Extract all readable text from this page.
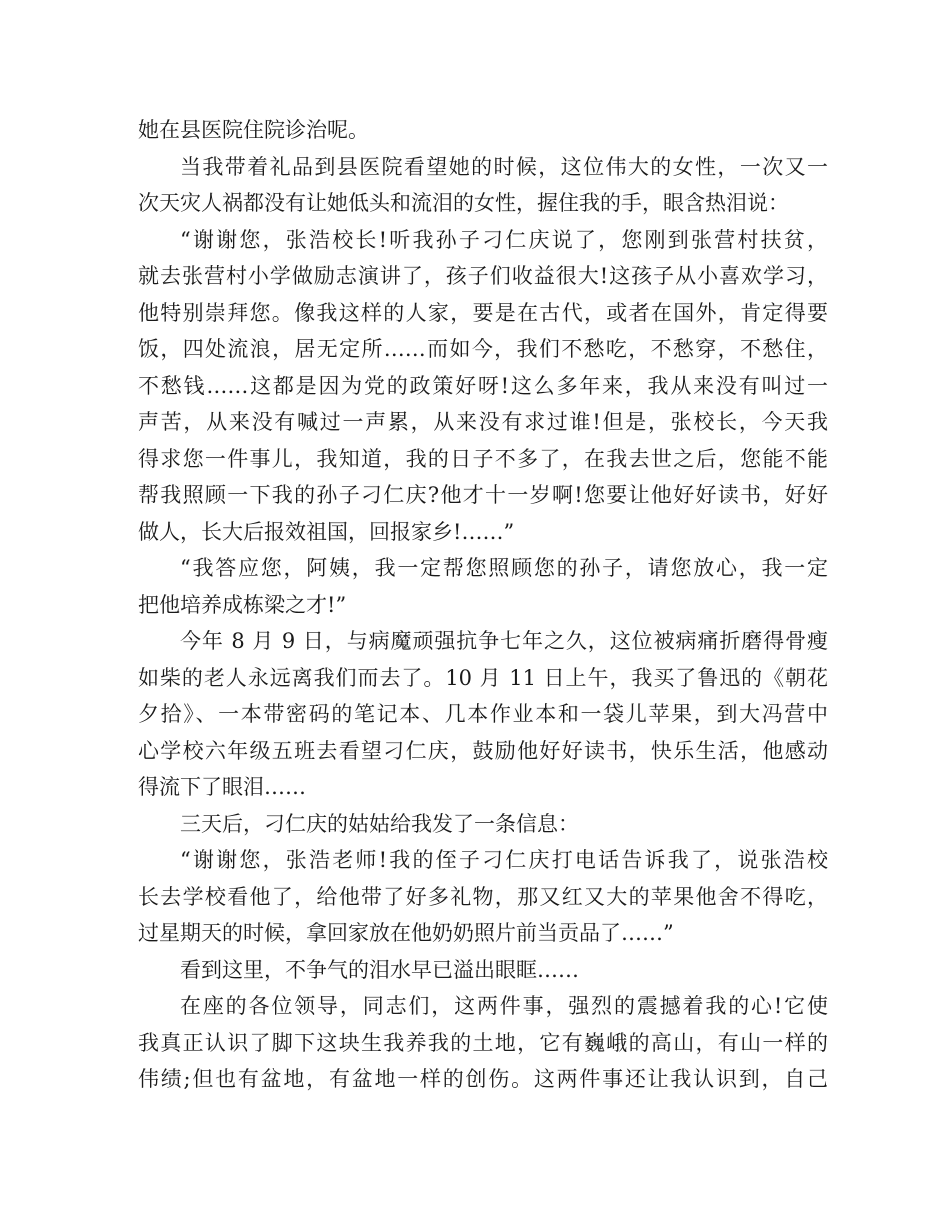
她在县医院住院诊治呢。
当我带着礼品到县医院看望她的时候，这位伟大的女性，一次又一
次天灾人祸都没有让她低头和流泪的女性，握住我的手，眼含热泪说：
“谢谢您，张浩校长!听我孙子刁仁庆说了，您刚到张营村扶贫，
就去张营村小学做励志演讲了，孩子们收益很大!这孩子从小喜欢学习，
他特别崇拜您。像我这样的人家，要是在古代，或者在国外，肯定得要
饭，四处流浪，居无定所……而如今，我们不愁吃，不愁穿，不愁住，
不愁钱……这都是因为党的政策好呀!这么多年来，我从来没有叫过一
声苦，从来没有喊过一声累，从来没有求过谁!但是，张校长，今天我
得求您一件事儿，我知道，我的日子不多了，在我去世之后，您能不能
帮我照顾一下我的孙子刁仁庆?他才十一岁啊!您要让他好好读书，好好
做人，长大后报效祖国，回报家乡!……”
“我答应您，阿姨，我一定帮您照顾您的孙子，请您放心，我一定
把他培养成栋梁之才!”
今年 8 月 9 日，与病魔顽强抗争七年之久，这位被病痛折磨得骨瘦
如柴的老人永远离我们而去了。10 月 11 日上午，我买了鲁迅的《朝花
夕拾》、一本带密码的笔记本、几本作业本和一袋儿苹果，到大冯营中
心学校六年级五班去看望刁仁庆，鼓励他好好读书，快乐生活，他感动
得流下了眼泪……
三天后，刁仁庆的姑姑给我发了一条信息：
“谢谢您，张浩老师!我的侄子刁仁庆打电话告诉我了，说张浩校
长去学校看他了，给他带了好多礼物，那又红又大的苹果他舍不得吃，
过星期天的时候，拿回家放在他奶奶照片前当贡品了……”
看到这里，不争气的泪水早已溢出眼眶……
在座的各位领导，同志们，这两件事，强烈的震撼着我的心!它使
我真正认识了脚下这块生我养我的土地，它有巍峨的高山，有山一样的
伟绩;但也有盆地，有盆地一样的创伤。这两件事还让我认识到，自己
